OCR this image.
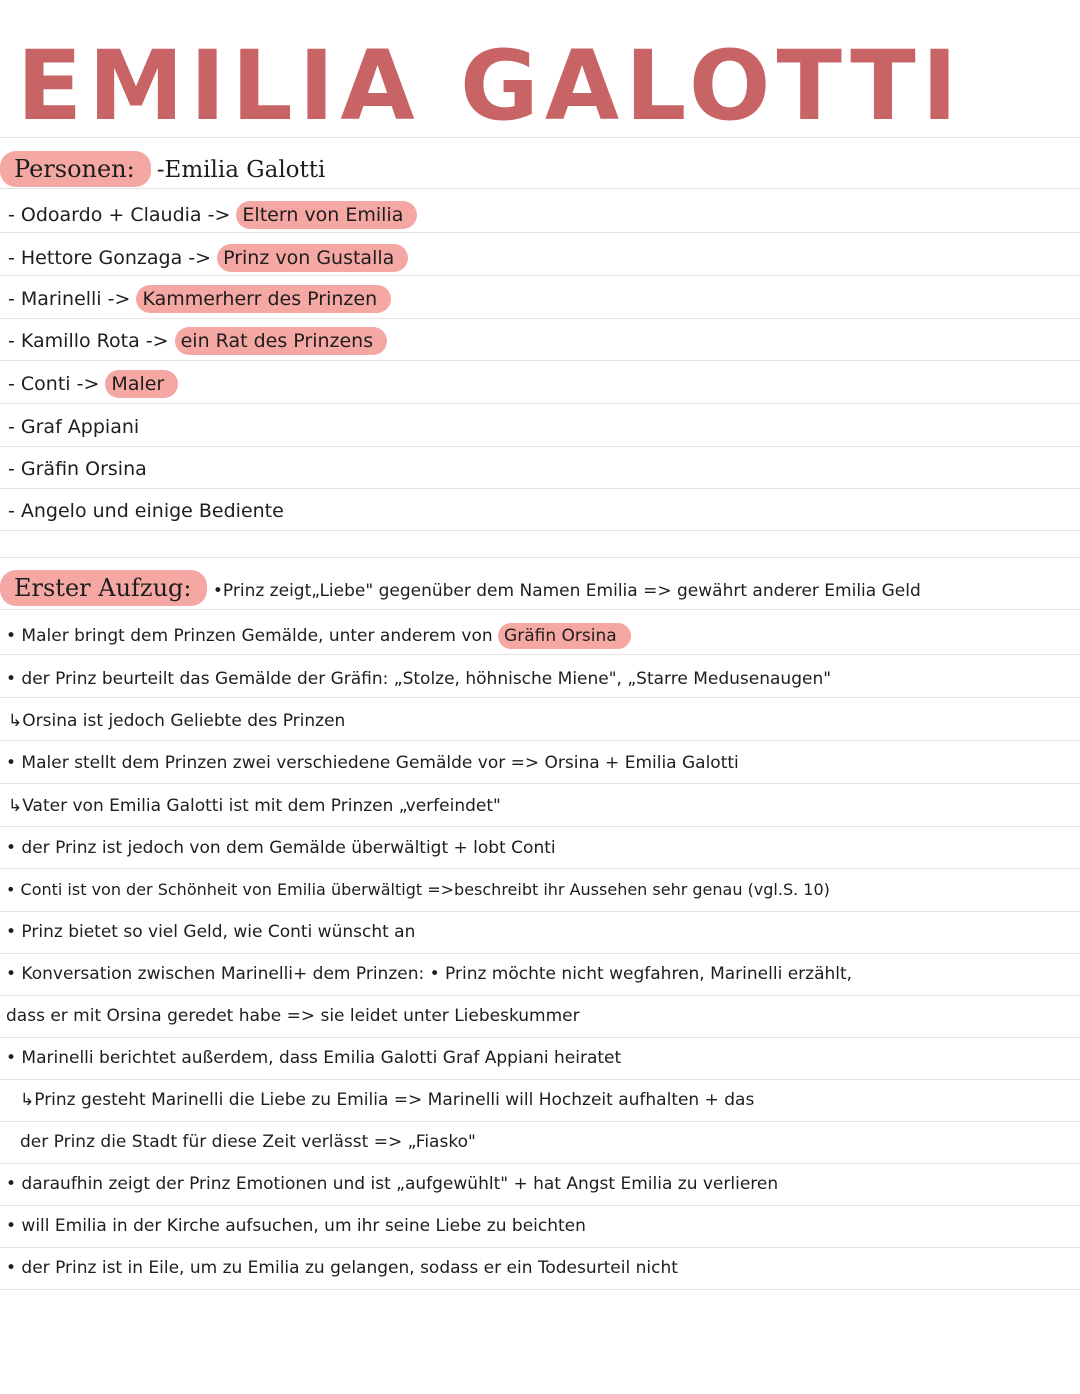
EMILIA GALOTTI
Personen: -Emilia Galotti
- Odoardo + Claudia -> Eltern von Emilia
- Hettore Gonzaga -> Prinz von Gustalla
- Marinelli -> Kammerherr des Prinzen
- Kamillo Rota -> ein Rat des Prinzens
- Conti -> Maler
- Graf Appiani
- Gräfin Orsina
- Angelo und einige Bediente
Erster Aufzug: •Prinz zeigt„Liebe" gegenüber dem Namen Emilia => gewährt anderer Emilia Geld
• Maler bringt dem Prinzen Gemälde, unter anderem von Gräfin Orsina
• der Prinz beurteilt das Gemälde der Gräfin: „Stolze, höhnische Miene", „Starre Medusenaugen"
↳Orsina ist jedoch Geliebte des Prinzen
• Maler stellt dem Prinzen zwei verschiedene Gemälde vor => Orsina + Emilia Galotti
↳Vater von Emilia Galotti ist mit dem Prinzen „verfeindet"
• der Prinz ist jedoch von dem Gemälde überwältigt + lobt Conti
• Conti ist von der Schönheit von Emilia überwältigt =>beschreibt ihr Aussehen sehr genau (vgl.S. 10)
• Prinz bietet so viel Geld, wie Conti wünscht an
• Konversation zwischen Marinelli+ dem Prinzen: • Prinz möchte nicht wegfahren, Marinelli erzählt,
dass er mit Orsina geredet habe => sie leidet unter Liebeskummer
• Marinelli berichtet außerdem, dass Emilia Galotti Graf Appiani heiratet
↳Prinz gesteht Marinelli die Liebe zu Emilia => Marinelli will Hochzeit aufhalten + das
der Prinz die Stadt für diese Zeit verlässt => „Fiasko"
• daraufhin zeigt der Prinz Emotionen und ist „aufgewühlt" + hat Angst Emilia zu verlieren
• will Emilia in der Kirche aufsuchen, um ihr seine Liebe zu beichten
• der Prinz ist in Eile, um zu Emilia zu gelangen, sodass er ein Todesurteil nicht
